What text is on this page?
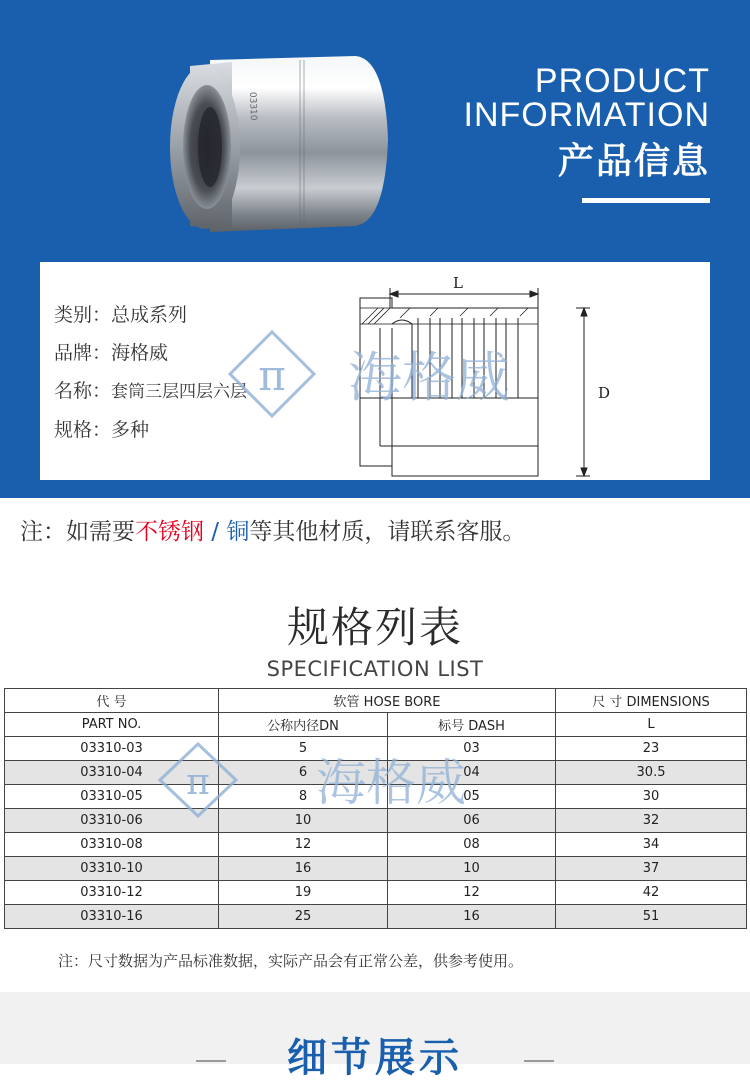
03310
PRODUCT
INFORMATION
产品信息
类别：总成系列
品牌：海格威
名称：套筒三层四层六层
规格：多种
L
D
π 海格威
注：如需要不锈钢 / 铜等其他材质，请联系客服。
规格列表
SPECIFICATION LIST
代 号	软管 HOSE BORE		尺 寸 DIMENSIONS
PART NO.	公称内径DN	标号 DASH	L
03310-03	5	03	23
03310-04	6	04	30.5
03310-05	8	05	30
03310-06	10	06	32
03310-08	12	08	34
03310-10	16	10	37
03310-12	19	12	42
03310-16	25	16	51
π 海格威
注：尺寸数据为产品标准数据，实际产品会有正常公差，供参考使用。
细节展示
